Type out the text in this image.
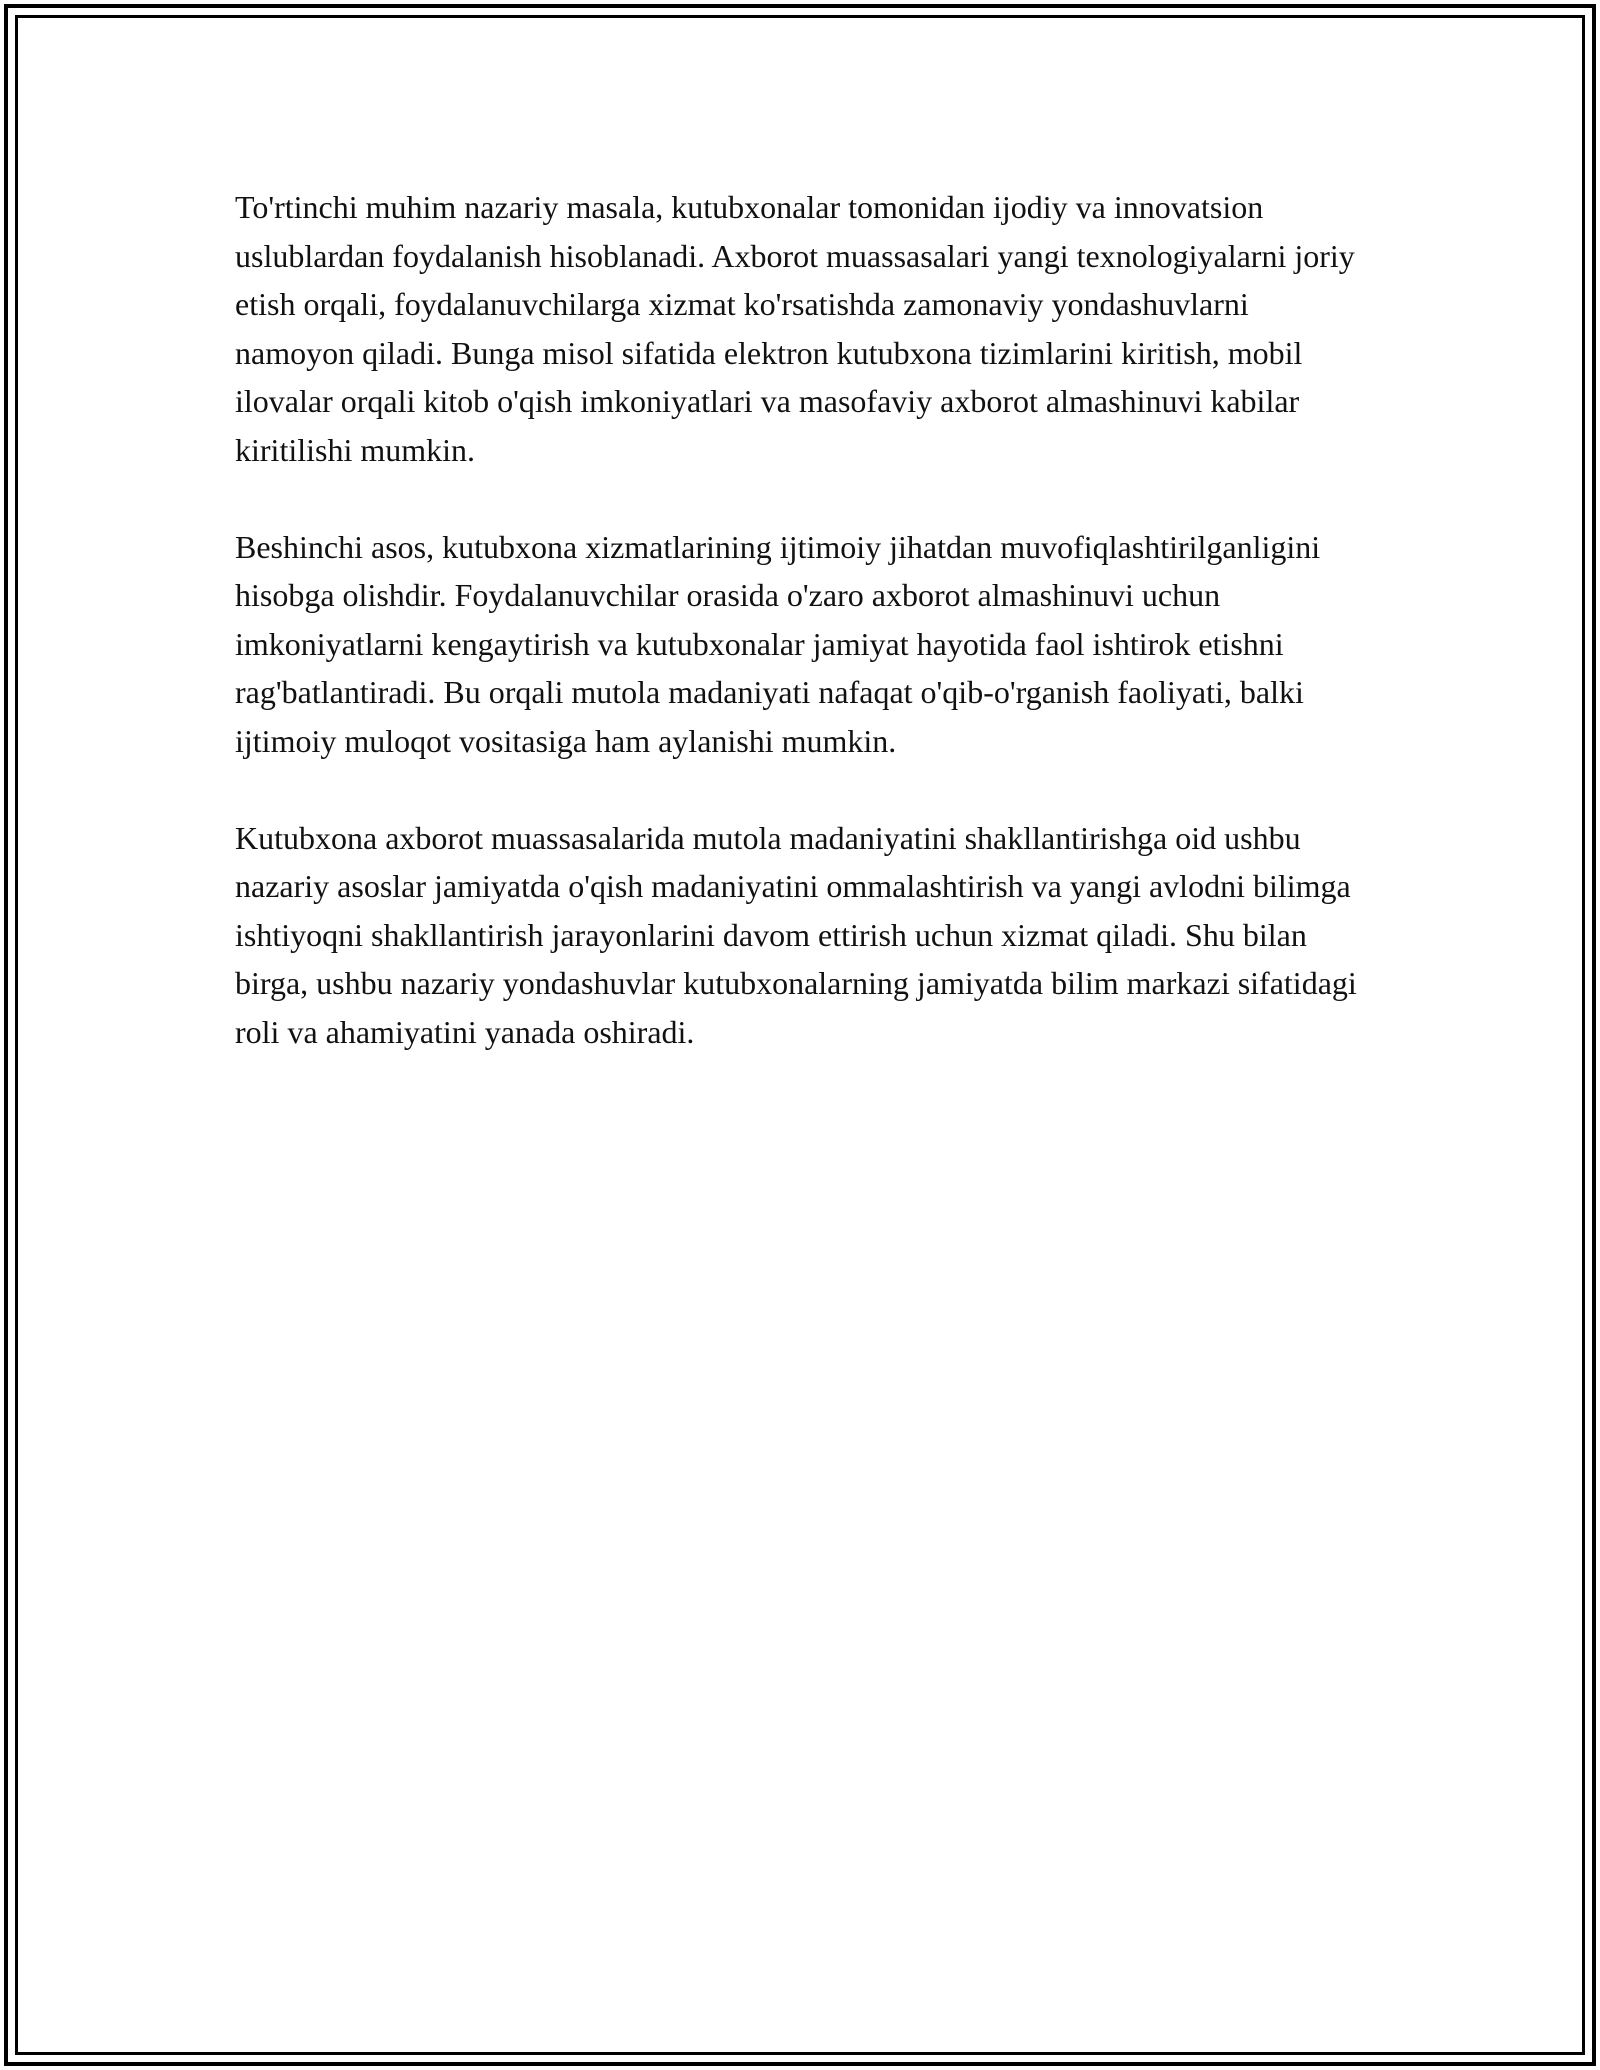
To'rtinchi muhim nazariy masala, kutubxonalar tomonidan ijodiy va innovatsion uslublardan foydalanish hisoblanadi. Axborot muassasalari yangi texnologiyalarni joriy etish orqali, foydalanuvchilarga xizmat ko'rsatishda zamonaviy yondashuvlarni namoyon qiladi. Bunga misol sifatida elektron kutubxona tizimlarini kiritish, mobil ilovalar orqali kitob o'qish imkoniyatlari va masofaviy axborot almashinuvi kabilar kiritilishi mumkin.

Beshinchi asos, kutubxona xizmatlarining ijtimoiy jihatdan muvofiqlashtirilganligini hisobga olishdir. Foydalanuvchilar orasida o'zaro axborot almashinuvi uchun imkoniyatlarni kengaytirish va kutubxonalar jamiyat hayotida faol ishtirok etishni rag'batlantiradi. Bu orqali mutola madaniyati nafaqat o'qib-o'rganish faoliyati, balki ijtimoiy muloqot vositasiga ham aylanishi mumkin.

Kutubxona axborot muassasalarida mutola madaniyatini shakllantirishga oid ushbu nazariy asoslar jamiyatda o'qish madaniyatini ommalashtirish va yangi avlodni bilimga ishtiyoqni shakllantirish jarayonlarini davom ettirish uchun xizmat qiladi. Shu bilan birga, ushbu nazariy yondashuvlar kutubxonalarning jamiyatda bilim markazi sifatidagi roli va ahamiyatini yanada oshiradi.
